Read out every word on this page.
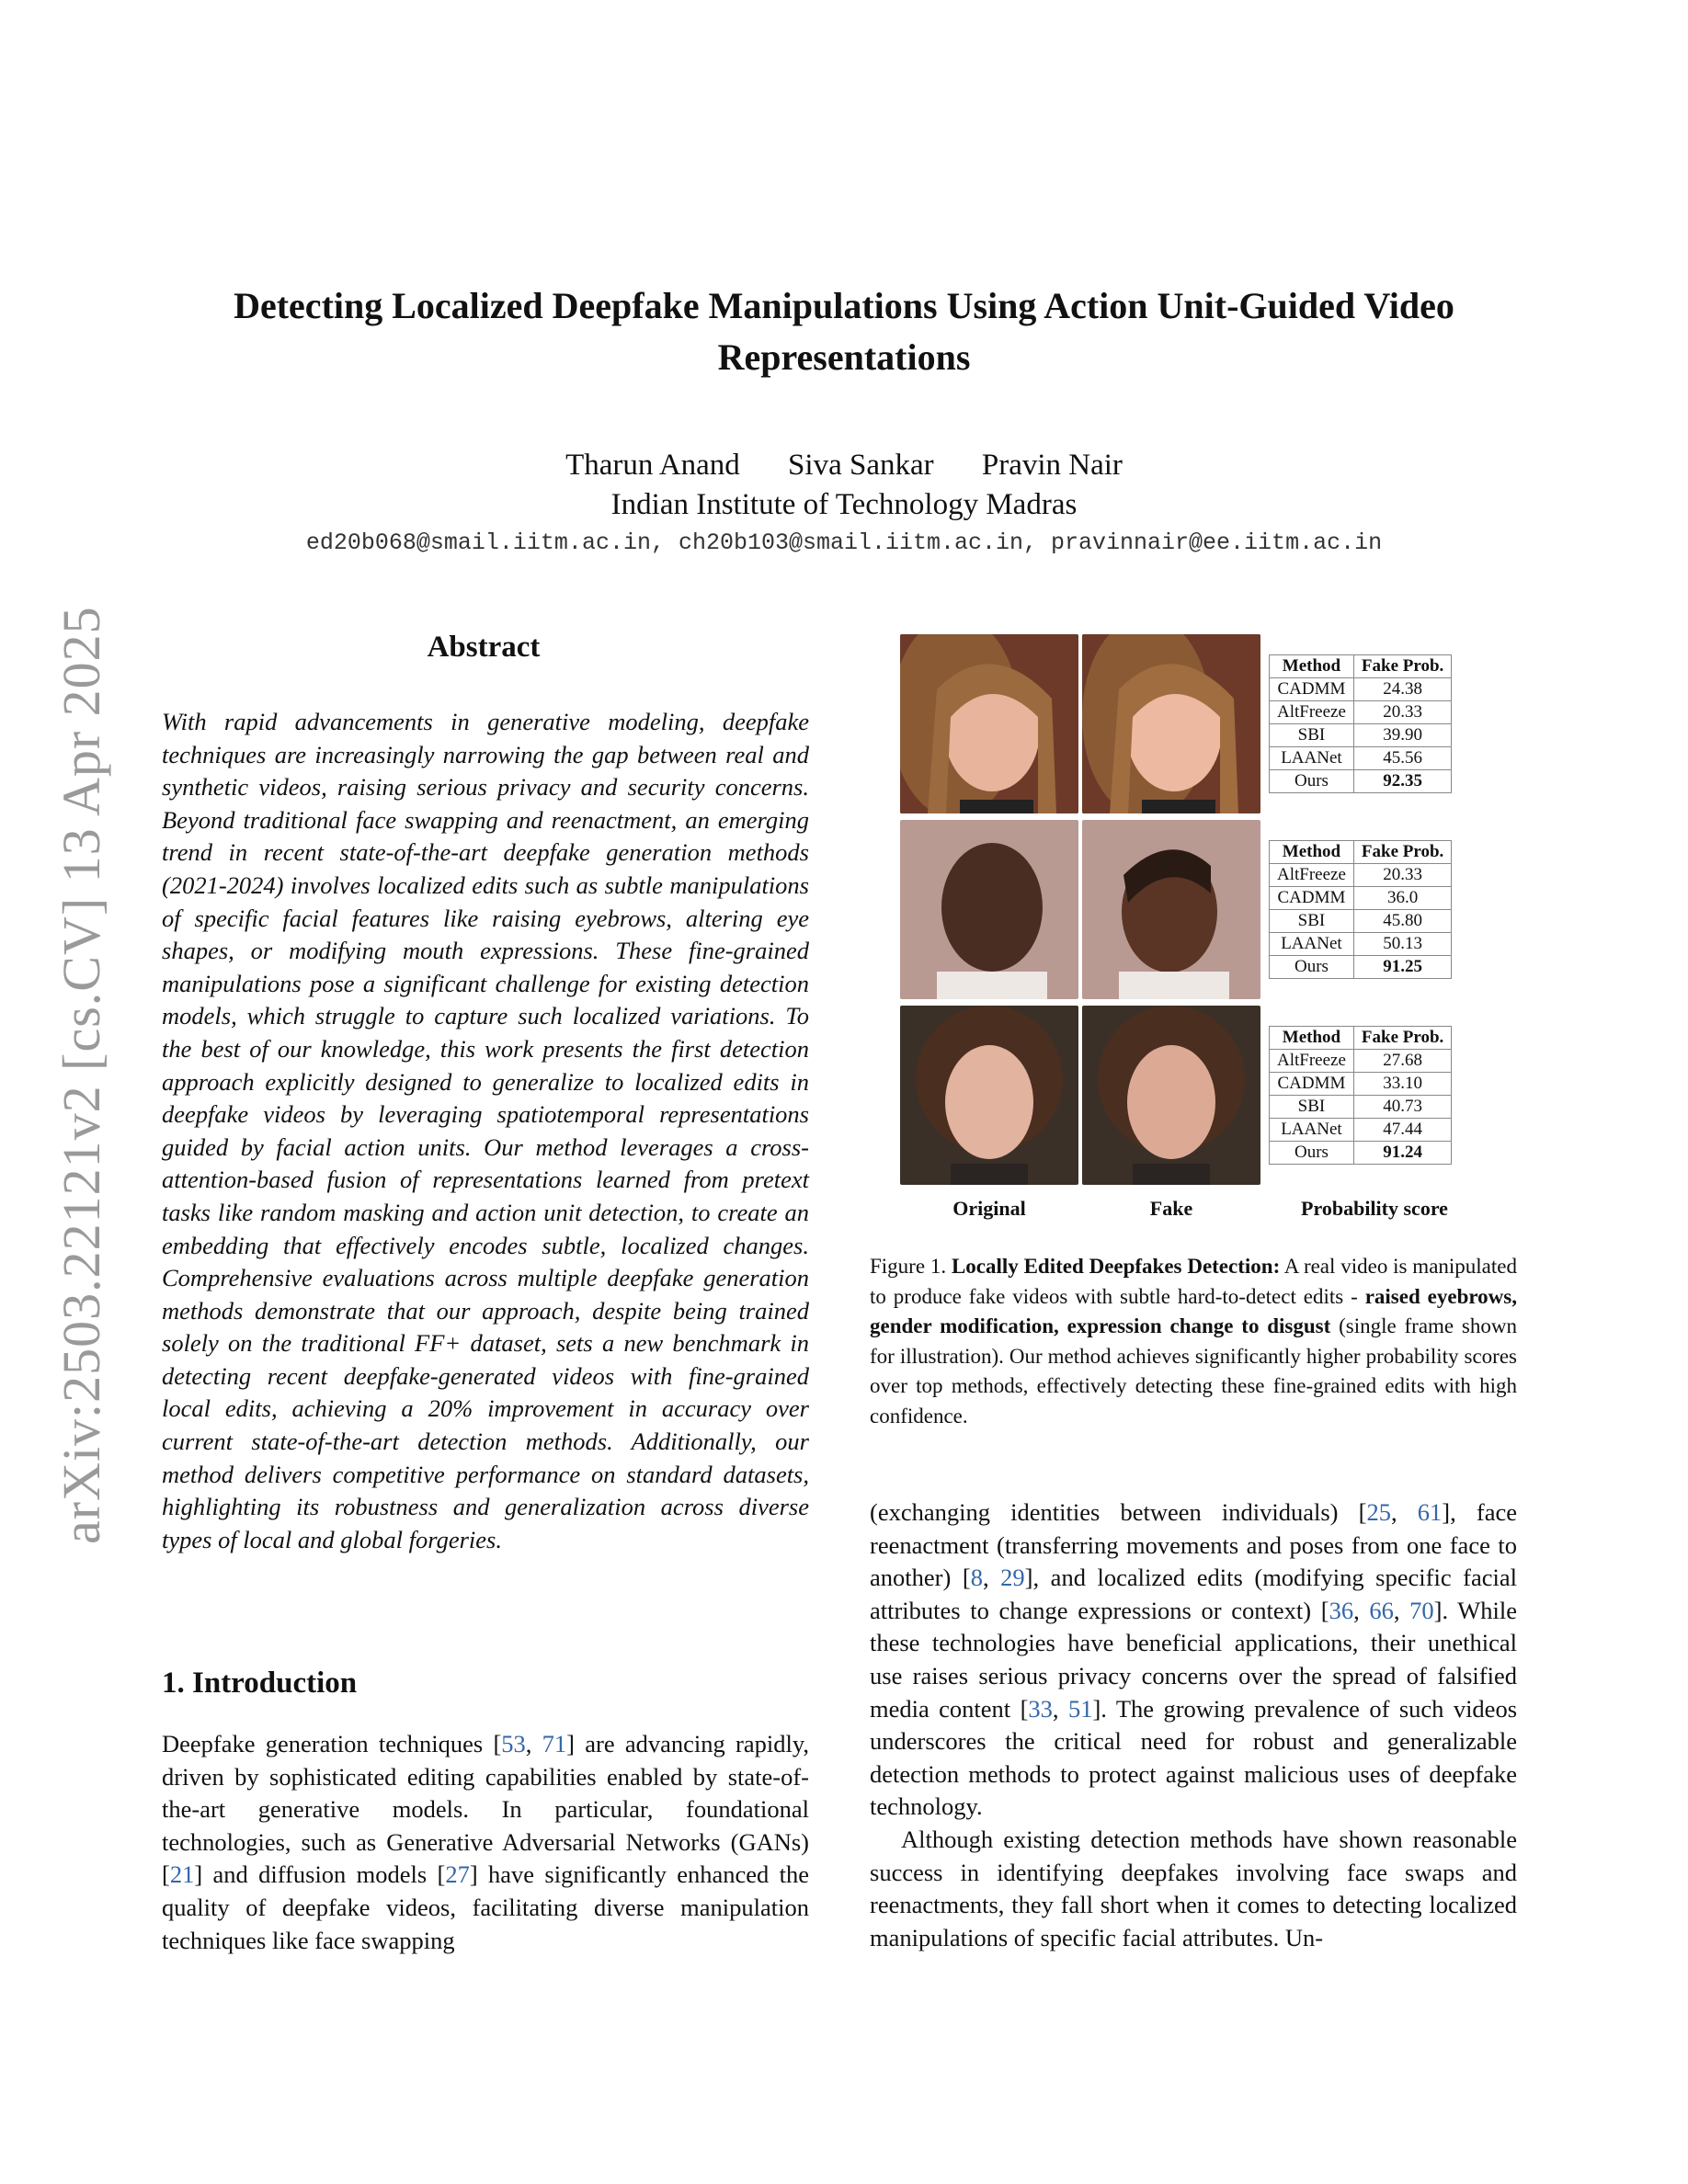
arXiv:2503.22121v2 [cs.CV] 13 Apr 2025
Detecting Localized Deepfake Manipulations Using Action Unit-Guided Video
Representations
Tharun Anand Siva Sankar Pravin Nair
Indian Institute of Technology Madras
ed20b068@smail.iitm.ac.in, ch20b103@smail.iitm.ac.in, pravinnair@ee.iitm.ac.in
Abstract
With rapid advancements in generative modeling, deepfake techniques are increasingly narrowing the gap between real and synthetic videos, raising serious privacy and security concerns. Beyond traditional face swapping and reenactment, an emerging trend in recent state-of-the-art deepfake generation methods (2021-2024) involves localized edits such as subtle manipulations of specific facial features like raising eyebrows, altering eye shapes, or modifying mouth expressions. These fine-grained manipulations pose a significant challenge for existing detection models, which struggle to capture such localized variations. To the best of our knowledge, this work presents the first detection approach explicitly designed to generalize to localized edits in deepfake videos by leveraging spatiotemporal representations guided by facial action units. Our method leverages a cross-attention-based fusion of representations learned from pretext tasks like random masking and action unit detection, to create an embedding that effectively encodes subtle, localized changes. Comprehensive evaluations across multiple deepfake generation methods demonstrate that our approach, despite being trained solely on the traditional FF+ dataset, sets a new benchmark in detecting recent deepfake-generated videos with fine-grained local edits, achieving a 20% improvement in accuracy over current state-of-the-art detection methods. Additionally, our method delivers competitive performance on standard datasets, highlighting its robustness and generalization across diverse types of local and global forgeries.
1. Introduction
Deepfake generation techniques [53, 71] are advancing rapidly, driven by sophisticated editing capabilities enabled by state-of-the-art generative models. In particular, foundational technologies, such as Generative Adversarial Networks (GANs) [21] and diffusion models [27] have significantly enhanced the quality of deepfake videos, facilitating diverse manipulation techniques like face swapping
Method	Fake Prob.
CADMM	24.38
AltFreeze	20.33
SBI	39.90
LAANet	45.56
Ours	92.35
Method	Fake Prob.
AltFreeze	20.33
CADMM	36.0
SBI	45.80
LAANet	50.13
Ours	91.25
Method	Fake Prob.
AltFreeze	27.68
CADMM	33.10
SBI	40.73
LAANet	47.44
Ours	91.24
Original	Fake	Probability score
Figure 1. Locally Edited Deepfakes Detection: A real video is manipulated to produce fake videos with subtle hard-to-detect edits - raised eyebrows, gender modification, expression change to disgust (single frame shown for illustration). Our method achieves significantly higher probability scores over top methods, effectively detecting these fine-grained edits with high confidence.

(exchanging identities between individuals) [25, 61], face reenactment (transferring movements and poses from one face to another) [8, 29], and localized edits (modifying specific facial attributes to change expressions or context) [36, 66, 70]. While these technologies have beneficial applications, their unethical use raises serious privacy concerns over the spread of falsified media content [33, 51]. The growing prevalence of such videos underscores the critical need for robust and generalizable detection methods to protect against malicious uses of deepfake technology.

Although existing detection methods have shown reasonable success in identifying deepfakes involving face swaps and reenactments, they fall short when it comes to detecting localized manipulations of specific facial attributes. Un-
